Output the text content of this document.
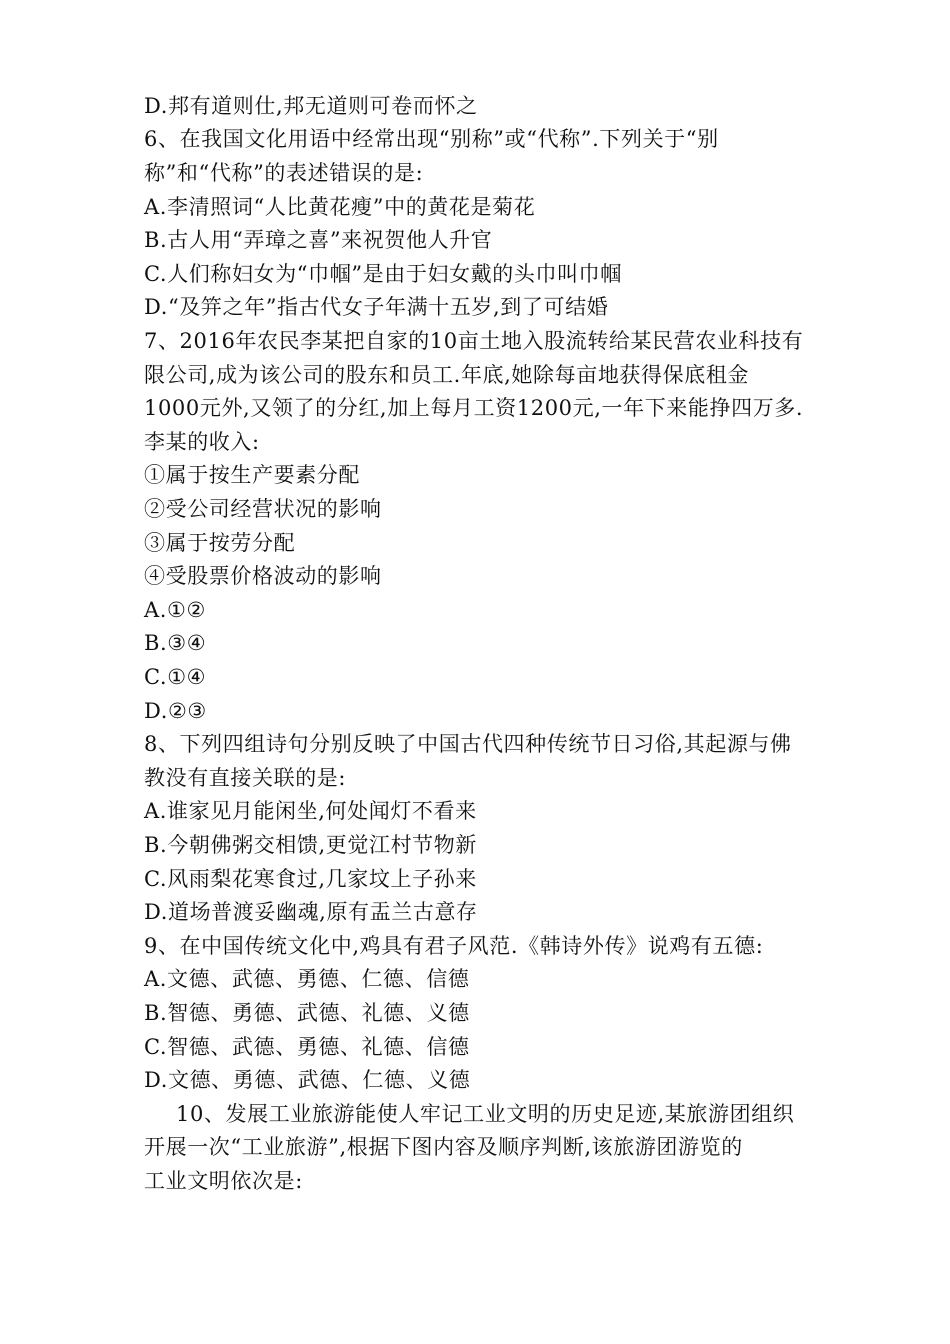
D.邦有道则仕,邦无道则可卷而怀之
6、在我国文化用语中经常出现“别称”或“代称”.下列关于“别
称”和“代称”的表述错误的是:
A.李清照词“人比黄花瘦”中的黄花是菊花
B.古人用“弄璋之喜”来祝贺他人升官
C.人们称妇女为“巾帼”是由于妇女戴的头巾叫巾帼
D.“及笄之年”指古代女子年满十五岁,到了可结婚
7、2016年农民李某把自家的10亩土地入股流转给某民营农业科技有
限公司,成为该公司的股东和员工.年底,她除每亩地获得保底租金
1000元外,又领了的分红,加上每月工资1200元,一年下来能挣四万多.
李某的收入:
①属于按生产要素分配
②受公司经营状况的影响
③属于按劳分配
④受股票价格波动的影响
A.①②
B.③④
C.①④
D.②③
8、下列四组诗句分别反映了中国古代四种传统节日习俗,其起源与佛
教没有直接关联的是:
A.谁家见月能闲坐,何处闻灯不看来
B.今朝佛粥交相馈,更觉江村节物新
C.风雨梨花寒食过,几家坟上子孙来
D.道场普渡妥幽魂,原有盂兰古意存
9、在中国传统文化中,鸡具有君子风范.《韩诗外传》说鸡有五德:
A.文德、武德、勇德、仁德、信德
B.智德、勇德、武德、礼德、义德
C.智德、武德、勇德、礼德、信德
D.文德、勇德、武德、仁德、义德
10、发展工业旅游能使人牢记工业文明的历史足迹,某旅游团组织
开展一次“工业旅游”,根据下图内容及顺序判断,该旅游团游览的
工业文明依次是:
